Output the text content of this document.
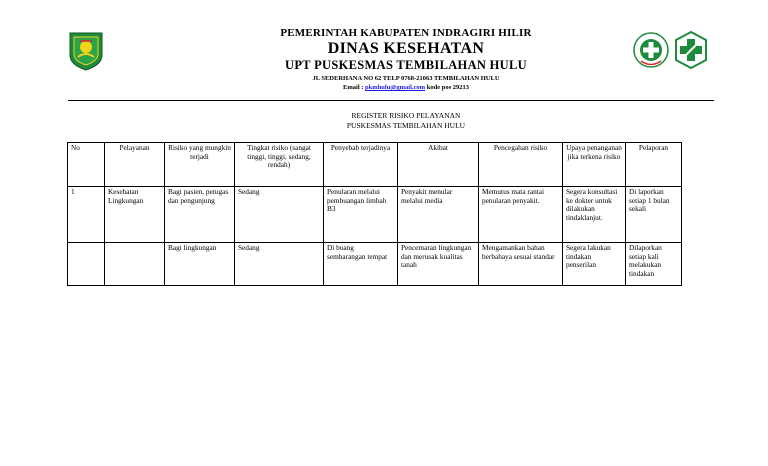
PEMERINTAH KABUPATEN INDRAGIRI HILIR
DINAS KESEHATAN
UPT PUSKESMAS TEMBILAHAN HULU
JL SEDERHANA NO 62 TELP 0768-21063 TEMBILAHAN HULU
Email : pkmhulu@gmail.com kode pos 29213
REGISTER RISIKO PELAYANAN
PUSKESMAS TEMBILAHAN HULU
No	Pelayanan	Risiko yang mungkin terjadi	Tingkat risiko (sangat tinggi, tinggi, sedang, rendah)	Penyebab terjadinya	Akibat	Pencegahan risiko	Upaya penanganan jika terkena risiko	Pelaporan
1	Kesehatan Lingkungan	Bagi pasien, petugas dan pengunjung	Sedang	Penularan melalui pembuangan limbah B3	Penyakit menular melalui media	Memutus mata rantai penularan penyakit.	Segera konsultasi ke dokter untuk dilakukan tindaklanjut.	Di laporkan setiap 1 bulan sekali
		Bagi lingkungan	Sedang	Di buang sembarangan tempat	Pencemaran lingkungan dan merusak kualitas tanah	Mengamankan bahan berbahaya sesuai standar	Segera lakukan tindakan penserilan	Dilaporkan setiap kali melakukan tindakan
